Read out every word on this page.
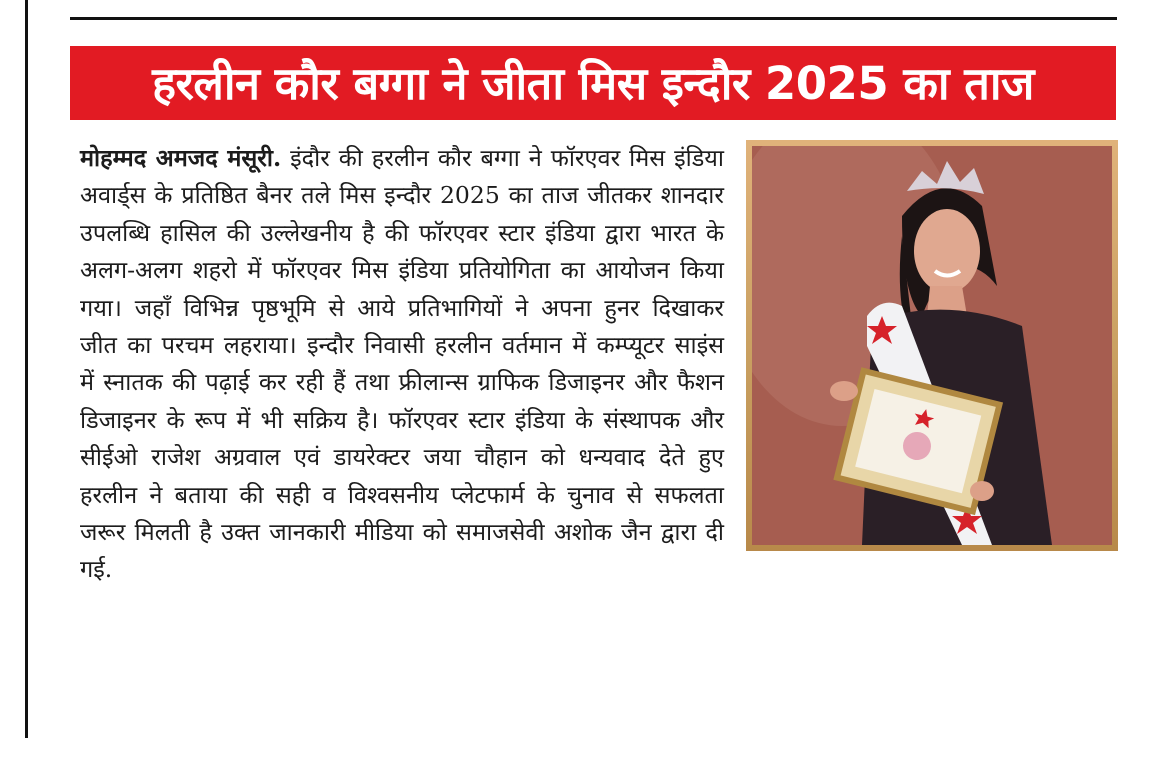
हरलीन कौर बग्गा ने जीता मिस इन्दौर 2025 का ताज

मोहम्मद अमजद मंसूरी. इंदौर की हरलीन कौर बग्गा ने फॉरएवर मिस इंडिया अवार्ड्स के प्रतिष्ठित बैनर तले मिस इन्दौर 2025 का ताज जीतकर शानदार उपलब्धि हासिल की उल्लेखनीय है की फॉरएवर स्टार इंडिया द्वारा भारत के अलग-अलग शहरो में फॉरएवर मिस इंडिया प्रतियोगिता का आयोजन किया गया। जहाँ विभिन्न पृष्ठभूमि से आये प्रतिभागियों ने अपना हुनर दिखाकर जीत का परचम लहराया। इन्दौर निवासी हरलीन वर्तमान में कम्प्यूटर साइंस में स्नातक की पढ़ाई कर रही हैं तथा फ्रीलान्स ग्राफिक डिजाइनर और फैशन डिजाइनर के रूप में भी सक्रिय है। फॉरएवर स्टार इंडिया के संस्थापक और सीईओ राजेश अग्रवाल एवं डायरेक्टर जया चौहान को धन्यवाद देते हुए हरलीन ने बताया की सही व विश्वसनीय प्लेटफार्म के चुनाव से सफलता जरूर मिलती है उक्त जानकारी मीडिया को समाजसेवी अशोक जैन द्वारा दी गई.
